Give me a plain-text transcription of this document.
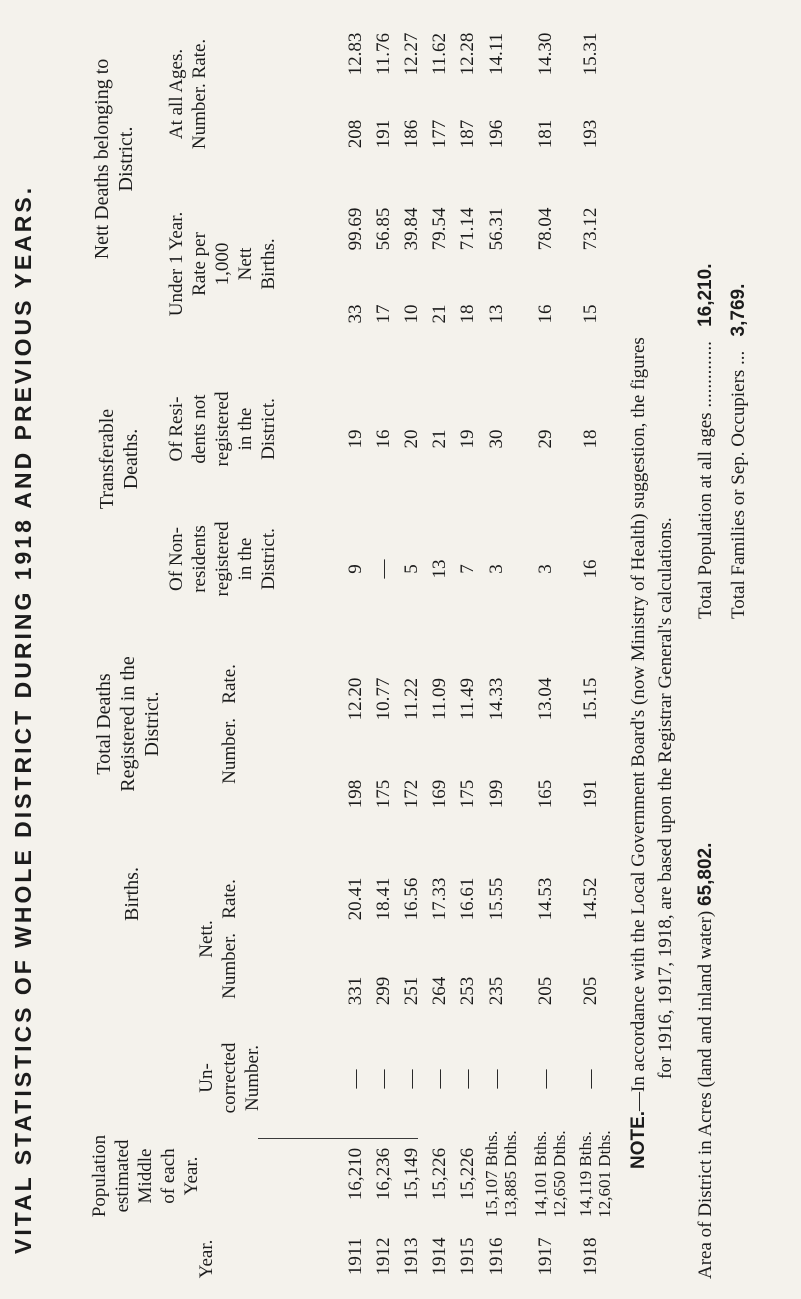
VITAL STATISTICS OF WHOLE DISTRICT DURING 1918 AND PREVIOUS YEARS.	Births.
Total Deaths Registered in the District.
Transferable Deaths.
Nett Deaths belonging to District.
Year.
Population estimated Middle of each Year.
Un- corrected Number.
Nett. Number.   Rate.
Number.   Rate.
Of Non- residents registered in the District.
Of Resi- dents not registered in the District.
Under 1 Year. Rate per 1,000 Nett Births.
At all Ages. Number. Rate.
1911
16,210
—
331
20.41
198
12.20
9
19
33
99.69
208
12.83
1912
16,236
—
299
18.41
175
10.77
—
16
17
56.85
191
11.76
1913
15,149
—
251
16.56
172
11.22
5
20
10
39.84
186
12.27
1914
15,226
—
264
17.33
169
11.09
13
21
21
79.54
177
11.62
1915
15,226
—
253
16.61
175
11.49
7
19
18
71.14
187
12.28
1916
15,107 Bths. 13,885 Dths.
—
235
15.55
199
14.33
3
30
13
56.31
196
14.11
1917
14,101 Bths. 12,650 Dths.
—
205
14.53
165
13.04
3
29
16
78.04
181
14.30
1918
14,119 Bths. 12,601 Dths.
—
205
14.52
191
15.15
16
18
15
73.12
193
15.31
NOTE.—In accordance with the Local Government Board's (now Ministry of Health) suggestion, the figures for 1916, 1917, 1918, are based upon the Registrar General's calculations.
Area of District in Acres (land and inland water) 65,802.
Total Population at all ages ..............   16,210.
Total Families or Sep. Occupiers ...   3,769.
